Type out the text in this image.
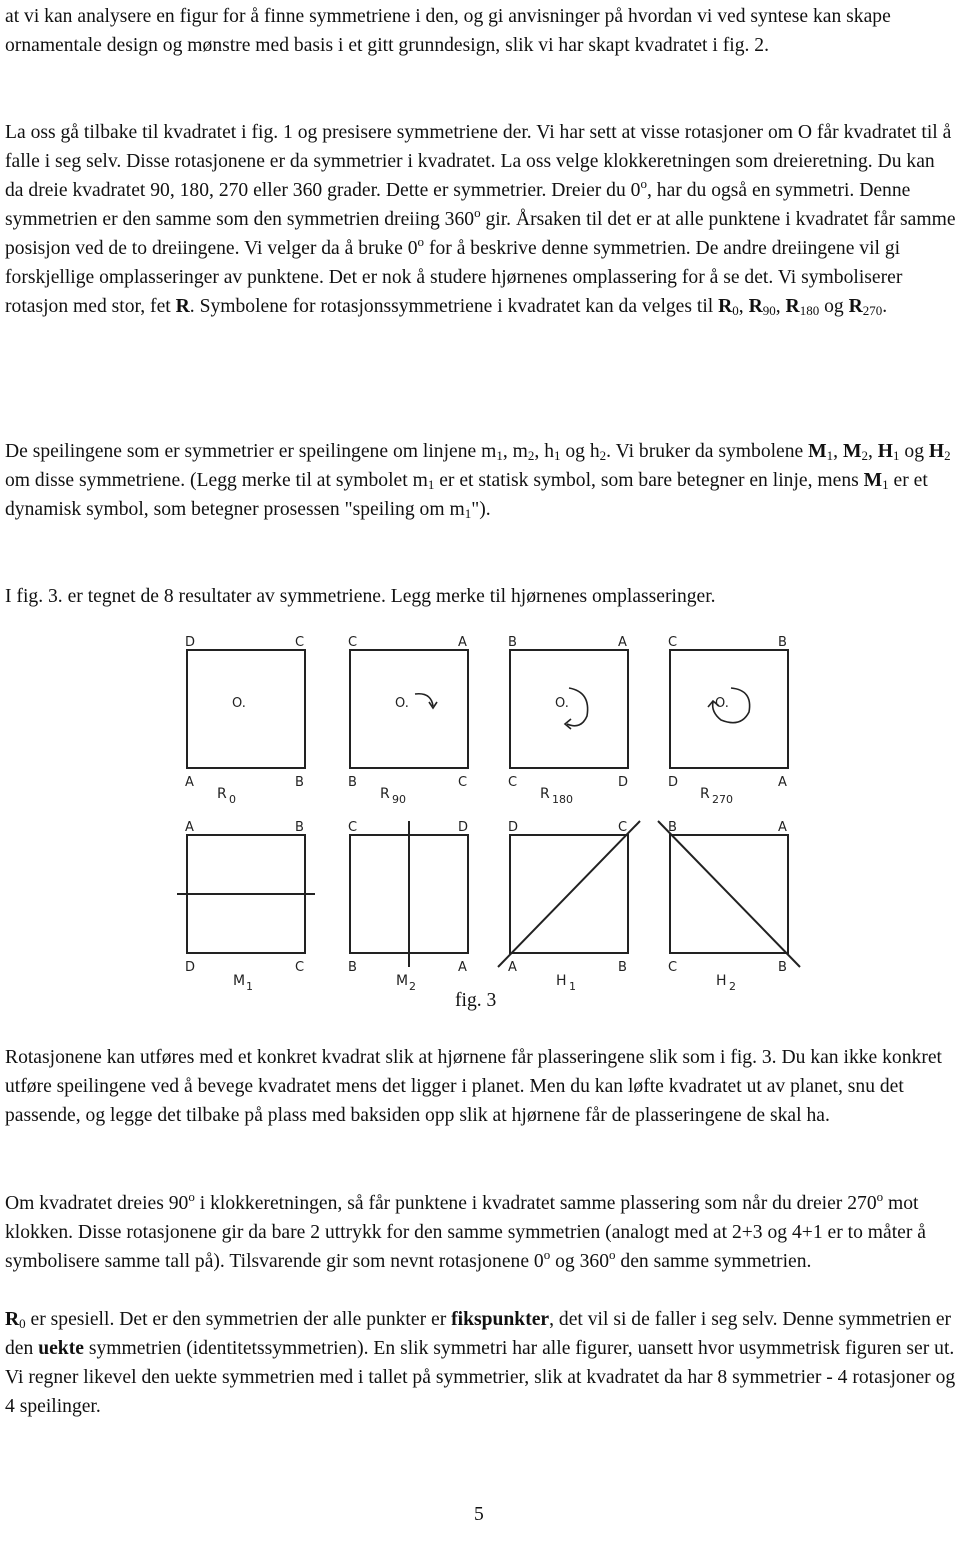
at vi kan analysere en figur for å finne symmetriene i den, og gi anvisninger på hvordan vi ved syntese kan skape ornamentale design og mønstre med basis i et gitt grunndesign, slik vi har skapt kvadratet i fig. 2.

La oss gå tilbake til kvadratet i fig. 1 og presisere symmetriene der. Vi har sett at visse rotasjoner om O får kvadratet til å falle i seg selv. Disse rotasjonene er da symmetrier i kvadratet. La oss velge klokkeretningen som dreieretning. Du kan da dreie kvadratet 90, 180, 270 eller 360 grader. Dette er symmetrier. Dreier du 0$^o$, har du også en symmetri. Denne symmetrien er den samme som den symmetrien dreiing 360$^o$ gir. Årsaken til det er at alle punktene i kvadratet får samme posisjon ved de to dreiingene. Vi velger da å bruke 0$^o$ for å beskrive denne symmetrien. De andre dreiingene vil gi forskjellige omplasseringer av punktene. Det er nok å studere hjørnenes omplassering for å se det. Vi symboliserer rotasjon med stor, fet R. Symbolene for rotasjonssymmetriene i kvadratet kan da velges til $R_0$, $R_{90}$, $R_{180}$ og $R_{270}$.

De speilingene som er symmetrier er speilingene om linjene $m_1$, $m_2$, $h_1$ og $h_2$. Vi bruker da symbolene $M_1$, $M_2$, $H_1$ og $H_2$ om disse symmetriene. (Legg merke til at symbolet $m_1$ er et statisk symbol, som bare betegner en linje, mens $M_1$ er et dynamisk symbol, som betegner prosessen "speiling om $m_1$").

I fig. 3. er tegnet de 8 resultater av symmetriene. Legg merke til hjørnenes omplasseringer.

D	C
A	B
O.
R 0
C	A
B	C
O.
R 90
B	A
C	D
O.
R 180
C	B
D	A
O.
R 270
A	B
D	C
M 1
C	D
B	A
M 2
D	C
A	B
H 1
B	A
C	B
H 2
fig. 3

Rotasjonene kan utføres med et konkret kvadrat slik at hjørnene får plasseringene slik som i fig. 3. Du kan ikke konkret utføre speilingene ved å bevege kvadratet mens det ligger i planet. Men du kan løfte kvadratet ut av planet, snu det passende, og legge det tilbake på plass med baksiden opp slik at hjørnene får de plasseringene de skal ha.

Om kvadratet dreies 90$^o$ i klokkeretningen, så får punktene i kvadratet samme plassering som når du dreier 270$^o$ mot klokken. Disse rotasjonene gir da bare 2 uttrykk for den samme symmetrien (analogt med at 2+3 og 4+1 er to måter å symbolisere samme tall på). Tilsvarende gir som nevnt rotasjonene 0$^o$ og 360$^o$ den samme symmetrien.

$R_0$ er spesiell. Det er den symmetrien der alle punkter er fikspunkter, det vil si de faller i seg selv. Denne symmetrien er den uekte symmetrien (identitetssymmetrien). En slik symmetri har alle figurer, uansett hvor usymmetrisk figuren ser ut. Vi regner likevel den uekte symmetrien med i tallet på symmetrier, slik at kvadratet da har 8 symmetrier - 4 rotasjoner og 4 speilinger.

5
